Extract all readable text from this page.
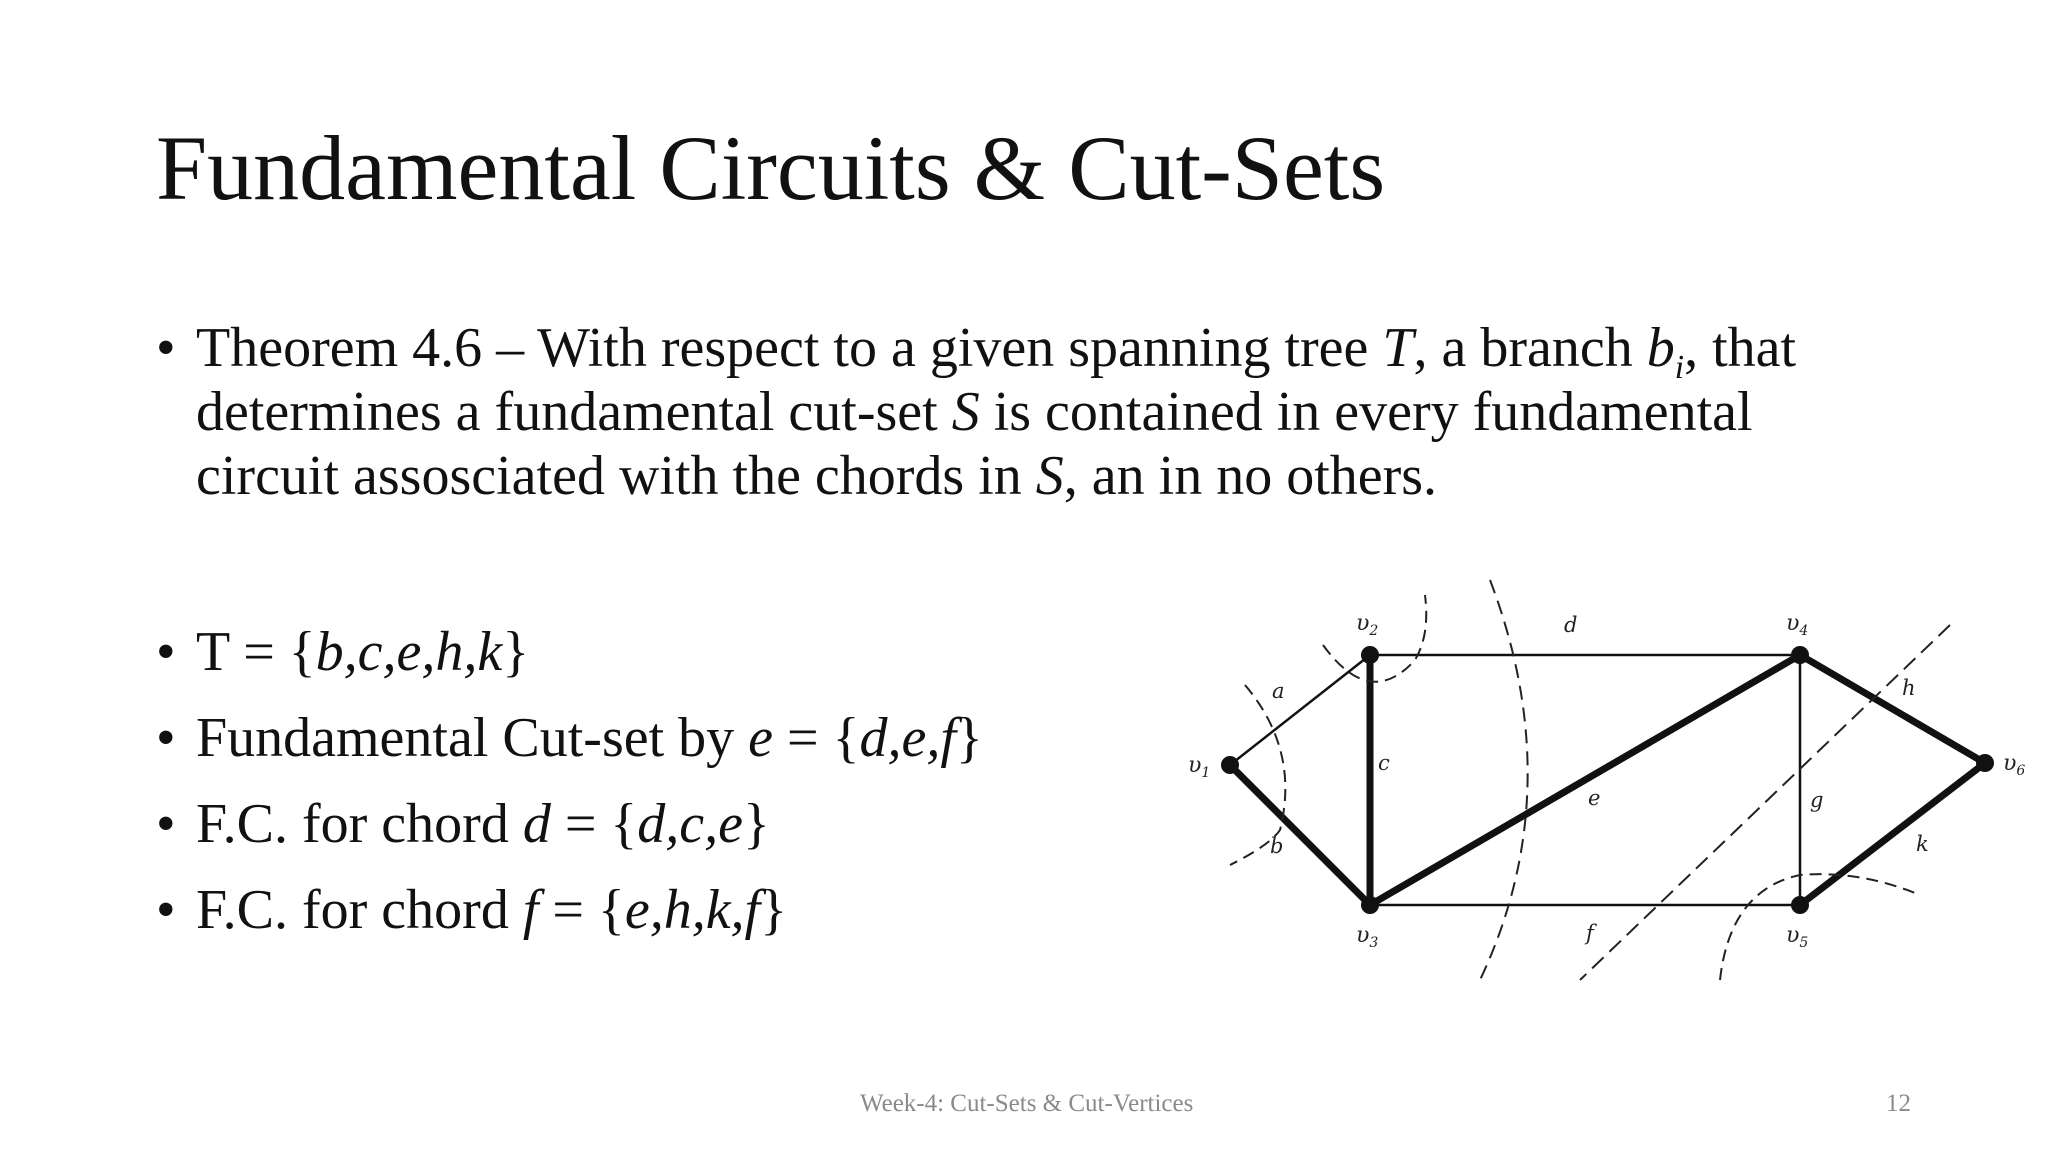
Fundamental Circuits & Cut-Sets
• Theorem 4.6 – With respect to a given spanning tree T, a branch $b_i$, that
determines a fundamental cut-set S is contained in every fundamental
circuit assosciated with the chords in S, an in no others.
• T = {b,c,e,h,k}
• Fundamental Cut-set by e = {d,e,f}
• F.C. for chord d = {d,c,e}
• F.C. for chord f = {e,h,k,f}
$\upsilon_1$
$\upsilon_2$
$\upsilon_3$
$\upsilon_4$
$\upsilon_5$
$\upsilon_6$
a
b
c
d
e
f
g
h
k
Week-4: Cut-Sets & Cut-Vertices	12
